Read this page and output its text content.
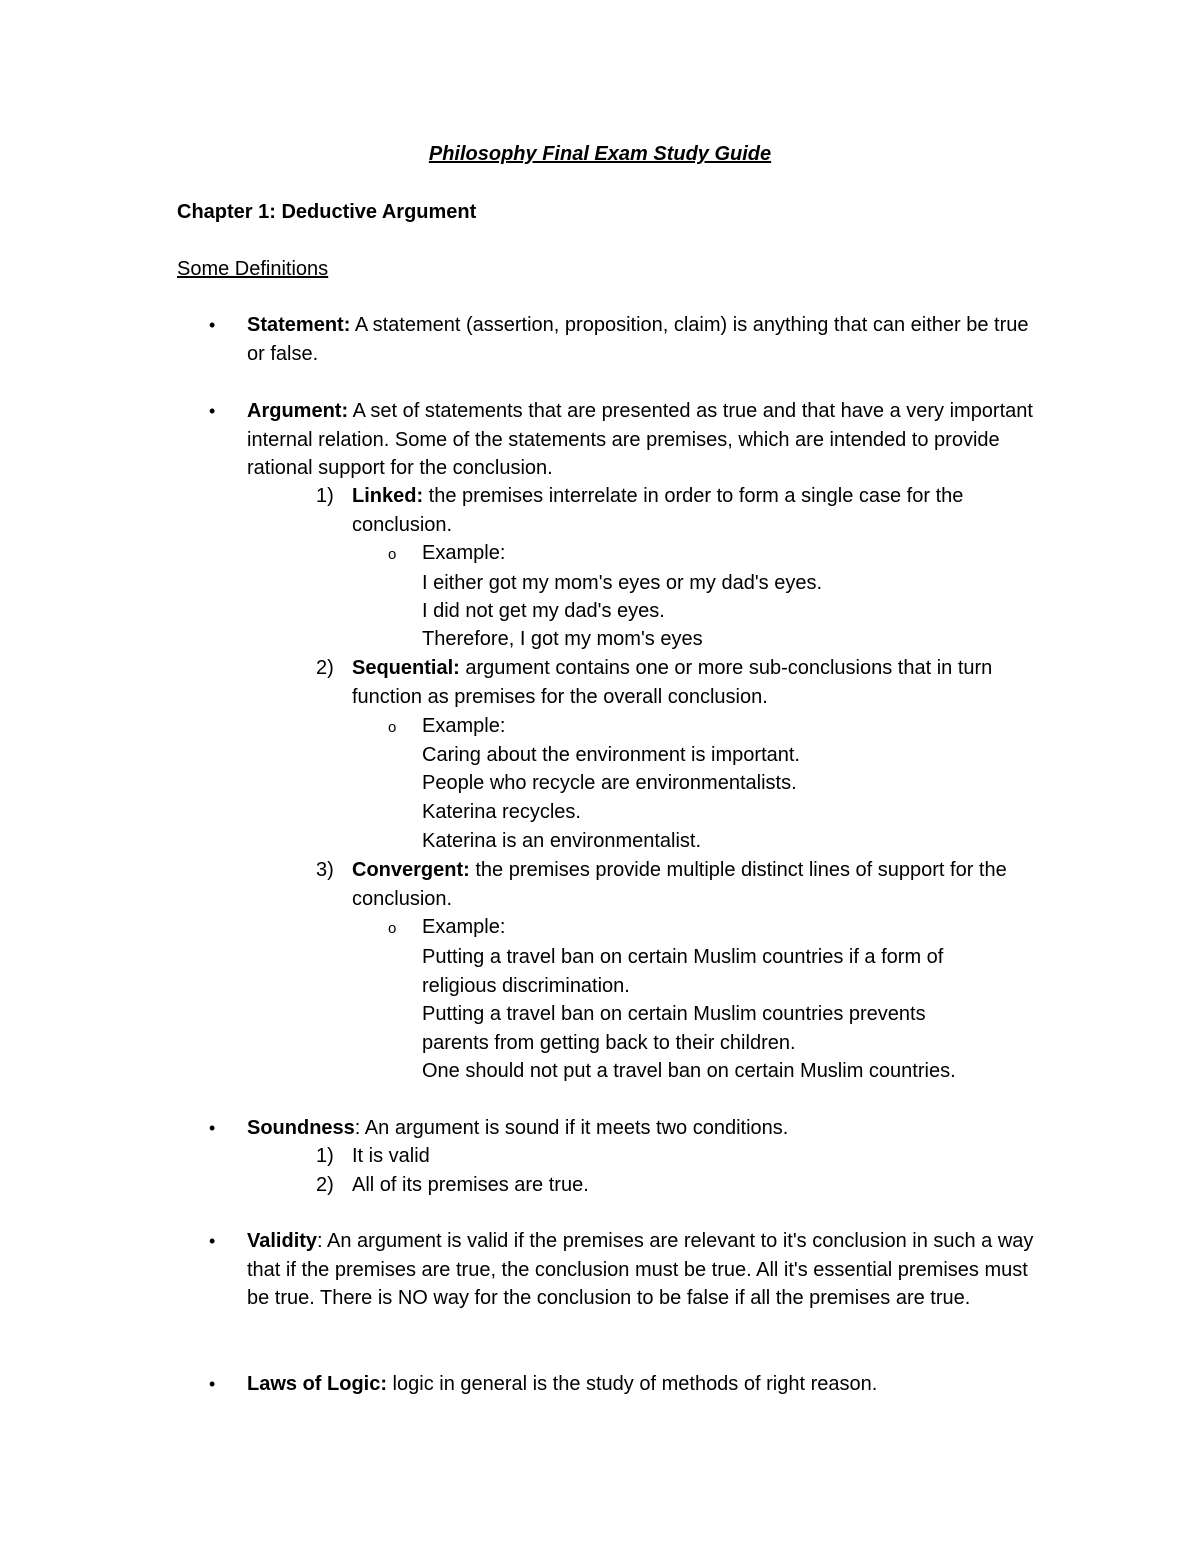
Philosophy Final Exam Study Guide
Chapter 1: Deductive Argument
Some Definitions
• Statement: A statement (assertion, proposition, claim) is anything that can either be true or false.
• Argument: A set of statements that are presented as true and that have a very important internal relation. Some of the statements are premises, which are intended to provide rational support for the conclusion.
1) Linked: the premises interrelate in order to form a single case for the conclusion.
o Example:
I either got my mom's eyes or my dad's eyes.
I did not get my dad's eyes.
Therefore, I got my mom's eyes
2) Sequential: argument contains one or more sub-conclusions that in turn function as premises for the overall conclusion.
o Example:
Caring about the environment is important.
People who recycle are environmentalists.
Katerina recycles.
Katerina is an environmentalist.
3) Convergent: the premises provide multiple distinct lines of support for the conclusion.
o Example:
Putting a travel ban on certain Muslim countries if a form of religious discrimination.
Putting a travel ban on certain Muslim countries prevents parents from getting back to their children.
One should not put a travel ban on certain Muslim countries.
• Soundness: An argument is sound if it meets two conditions.
1) It is valid
2) All of its premises are true.
• Validity: An argument is valid if the premises are relevant to it's conclusion in such a way that if the premises are true, the conclusion must be true. All it's essential premises must be true. There is NO way for the conclusion to be false if all the premises are true.
• Laws of Logic: logic in general is the study of methods of right reason.
